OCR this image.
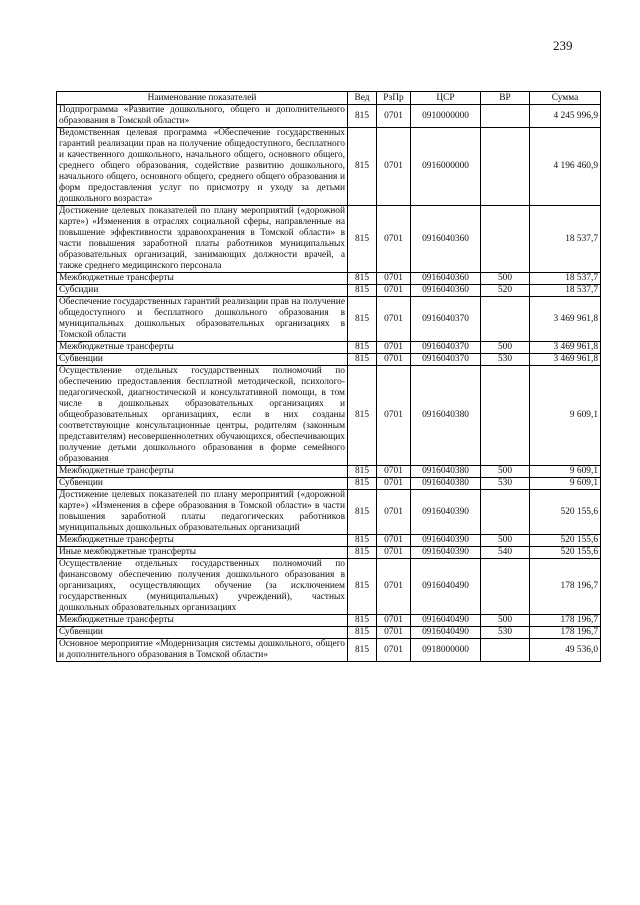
239
Наименование показателей	Вед	РзПр	ЦСР	ВР	Сумма
Подпрограмма «Развитие дошкольного, общего и дополнительного образования в Томской области»	815	0701	0910000000		4 245 996,9
Ведомственная целевая программа «Обеспечение государственных гарантий реализации прав на получение общедоступного, бесплатного и качественного дошкольного, начального общего, основного общего, среднего общего образования, содействие развитию дошкольного, начального общего, основного общего, среднего общего образования и форм предоставления услуг по присмотру и уходу за детьми дошкольного возраста»	815	0701	0916000000		4 196 460,9
Достижение целевых показателей по плану мероприятий («дорожной карте») «Изменения в отраслях социальной сферы, направленные на повышение эффективности здравоохранения в Томской области» в части повышения заработной платы работников муниципальных образовательных организаций, занимающих должности врачей, а также среднего медицинского персонала	815	0701	0916040360		18 537,7
Межбюджетные трансферты	815	0701	0916040360	500	18 537,7
Субсидии	815	0701	0916040360	520	18 537,7
Обеспечение государственных гарантий реализации прав на получение общедоступного и бесплатного дошкольного образования в муниципальных дошкольных образовательных организациях в Томской области	815	0701	0916040370		3 469 961,8
Межбюджетные трансферты	815	0701	0916040370	500	3 469 961,8
Субвенции	815	0701	0916040370	530	3 469 961,8
Осуществление отдельных государственных полномочий по обеспечению предоставления бесплатной методической, психолого-педагогической, диагностической и консультативной помощи, в том числе в дошкольных образовательных организациях и общеобразовательных организациях, если в них созданы соответствующие консультационные центры, родителям (законным представителям) несовершеннолетних обучающихся, обеспечивающих получение детьми дошкольного образования в форме семейного образования	815	0701	0916040380		9 609,1
Межбюджетные трансферты	815	0701	0916040380	500	9 609,1
Субвенции	815	0701	0916040380	530	9 609,1
Достижение целевых показателей по плану мероприятий («дорожной карте») «Изменения в сфере образования в Томской области» в части повышения заработной платы педагогических работников муниципальных дошкольных образовательных организаций	815	0701	0916040390		520 155,6
Межбюджетные трансферты	815	0701	0916040390	500	520 155,6
Иные межбюджетные трансферты	815	0701	0916040390	540	520 155,6
Осуществление отдельных государственных полномочий по финансовому обеспечению получения дошкольного образования в организациях, осуществляющих обучение (за исключением государственных (муниципальных) учреждений), частных дошкольных образовательных организациях	815	0701	0916040490		178 196,7
Межбюджетные трансферты	815	0701	0916040490	500	178 196,7
Субвенции	815	0701	0916040490	530	178 196,7
Основное мероприятие «Модернизация системы дошкольного, общего и дополнительного образования в Томской области»	815	0701	0918000000		49 536,0
